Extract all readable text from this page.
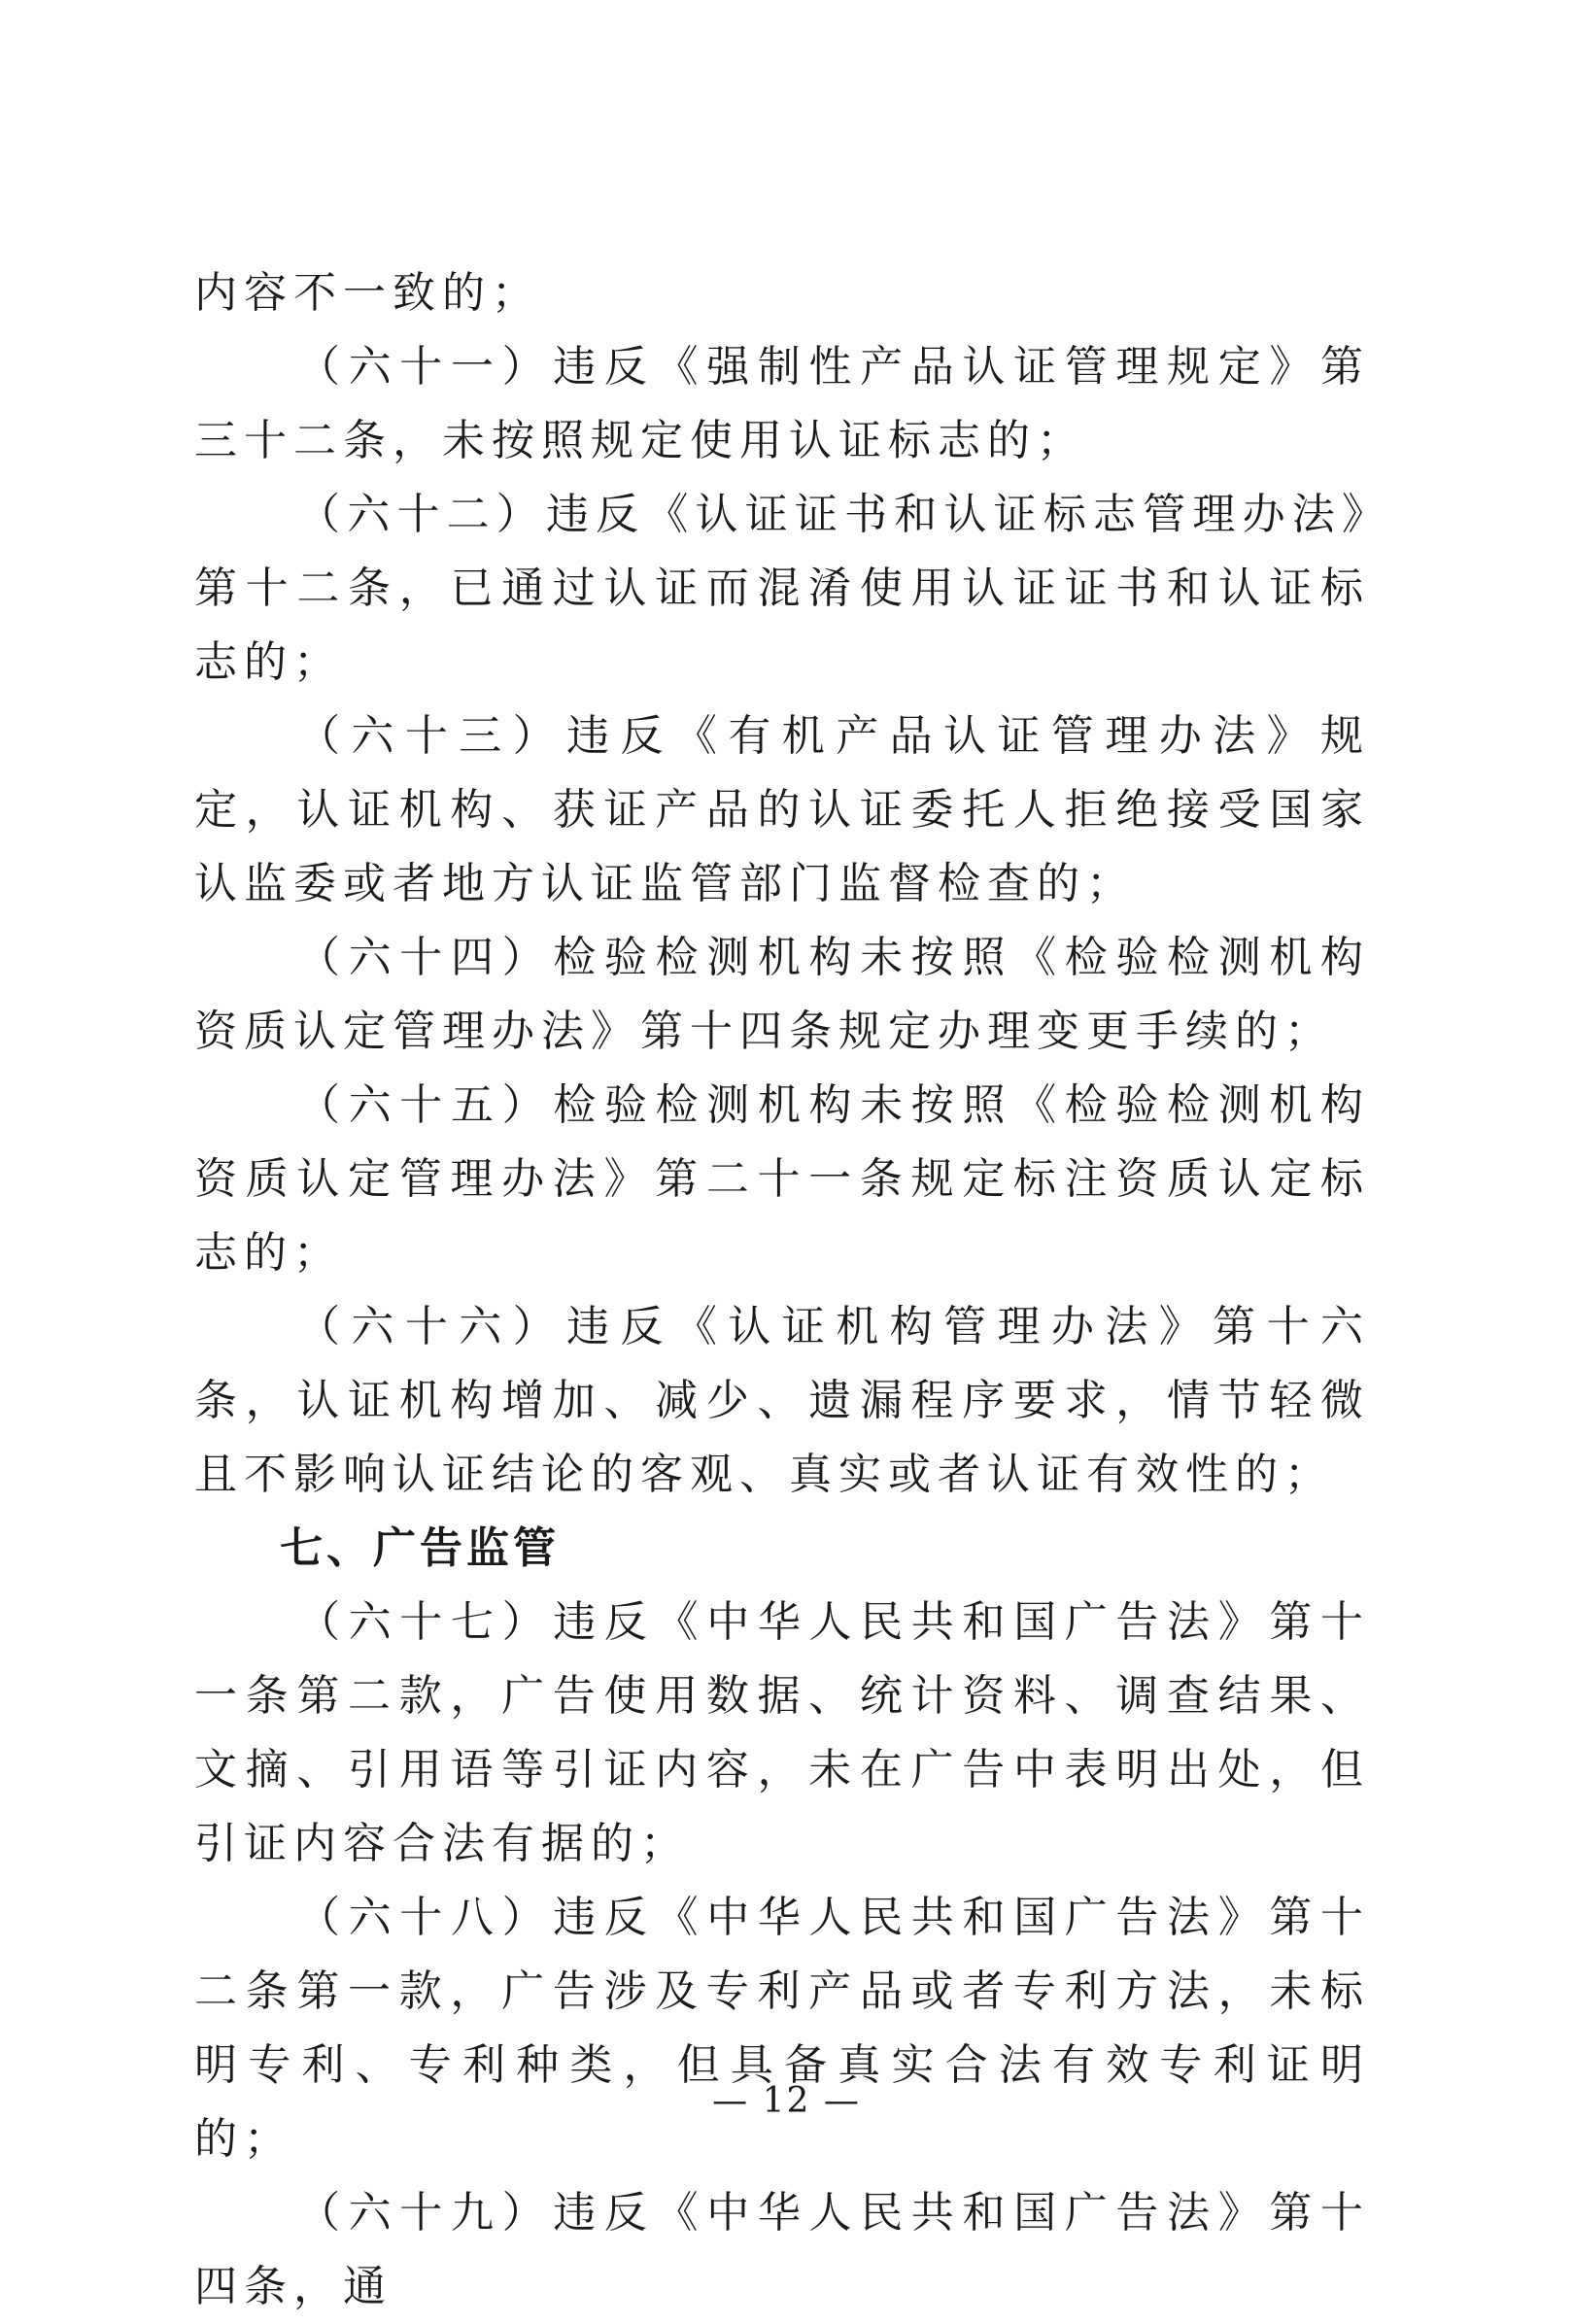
内容不一致的；

（六十一）违反《强制性产品认证管理规定》第三十二条，未按照规定使用认证标志的；

（六十二）违反《认证证书和认证标志管理办法》第十二条，已通过认证而混淆使用认证证书和认证标志的；

（六十三）违反《有机产品认证管理办法》规定，认证机构、获证产品的认证委托人拒绝接受国家认监委或者地方认证监管部门监督检查的；

（六十四）检验检测机构未按照《检验检测机构资质认定管理办法》第十四条规定办理变更手续的；

（六十五）检验检测机构未按照《检验检测机构资质认定管理办法》第二十一条规定标注资质认定标志的；

（六十六）违反《认证机构管理办法》第十六条，认证机构增加、减少、遗漏程序要求，情节轻微且不影响认证结论的客观、真实或者认证有效性的；

七、广告监管

（六十七）违反《中华人民共和国广告法》第十一条第二款，广告使用数据、统计资料、调查结果、文摘、引用语等引证内容，未在广告中表明出处，但引证内容合法有据的；

（六十八）违反《中华人民共和国广告法》第十二条第一款，广告涉及专利产品或者专利方法，未标明专利、专利种类，但具备真实合法有效专利证明的；

（六十九）违反《中华人民共和国广告法》第十四条，通

— 12 —
